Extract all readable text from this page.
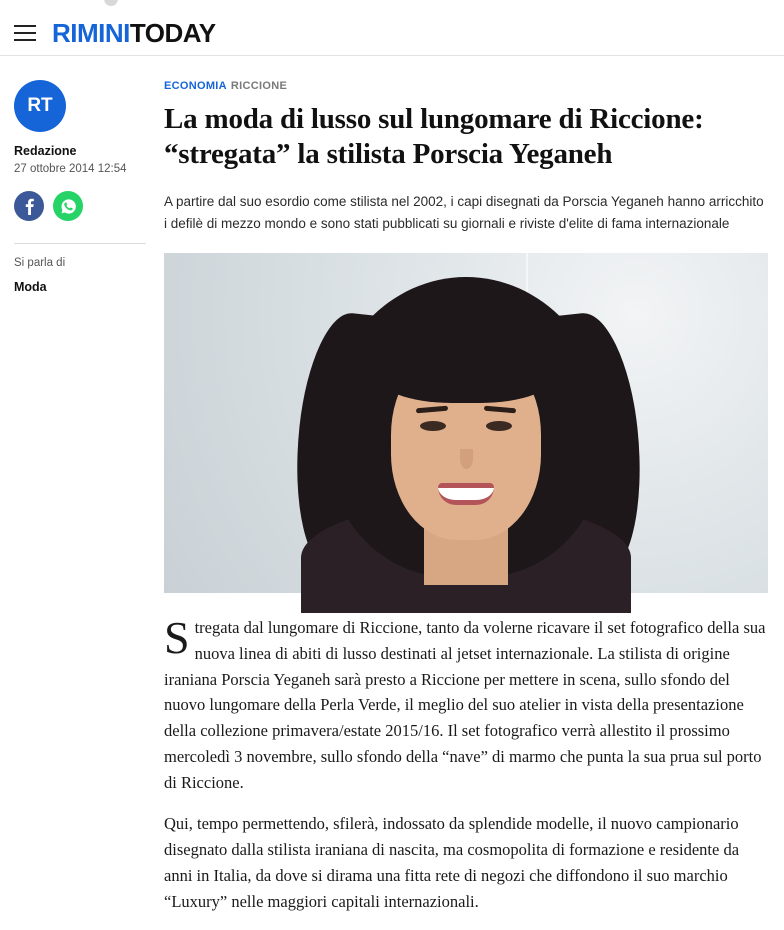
RIMINITODAY
RT
Redazione
27 ottobre 2014 12:54
Si parla di
Moda
ECONOMIA RICCIONE
La moda di lusso sul lungomare di Riccione: “stregata” la stilista Porscia Yeganeh

A partire dal suo esordio come stilista nel 2002, i capi disegnati da Porscia Yeganeh hanno arricchito i defilè di mezzo mondo e sono stati pubblicati su giornali e riviste d'elite di fama internazionale

Stregata dal lungomare di Riccione, tanto da volerne ricavare il set fotografico della sua nuova linea di abiti di lusso destinati al jetset internazionale. La stilista di origine iraniana Porscia Yeganeh sarà presto a Riccione per mettere in scena, sullo sfondo del nuovo lungomare della Perla Verde, il meglio del suo atelier in vista della presentazione della collezione primavera/estate 2015/16. Il set fotografico verrà allestito il prossimo mercoledì 3 novembre, sullo sfondo della “nave” di marmo che punta la sua prua sul porto di Riccione.

Qui, tempo permettendo, sfilerà, indossato da splendide modelle, il nuovo campionario disegnato dalla stilista iraniana di nascita, ma cosmopolita di formazione e residente da anni in Italia, da dove si dirama una fitta rete di negozi che diffondono il suo marchio “Luxury” nelle maggiori capitali internazionali.
